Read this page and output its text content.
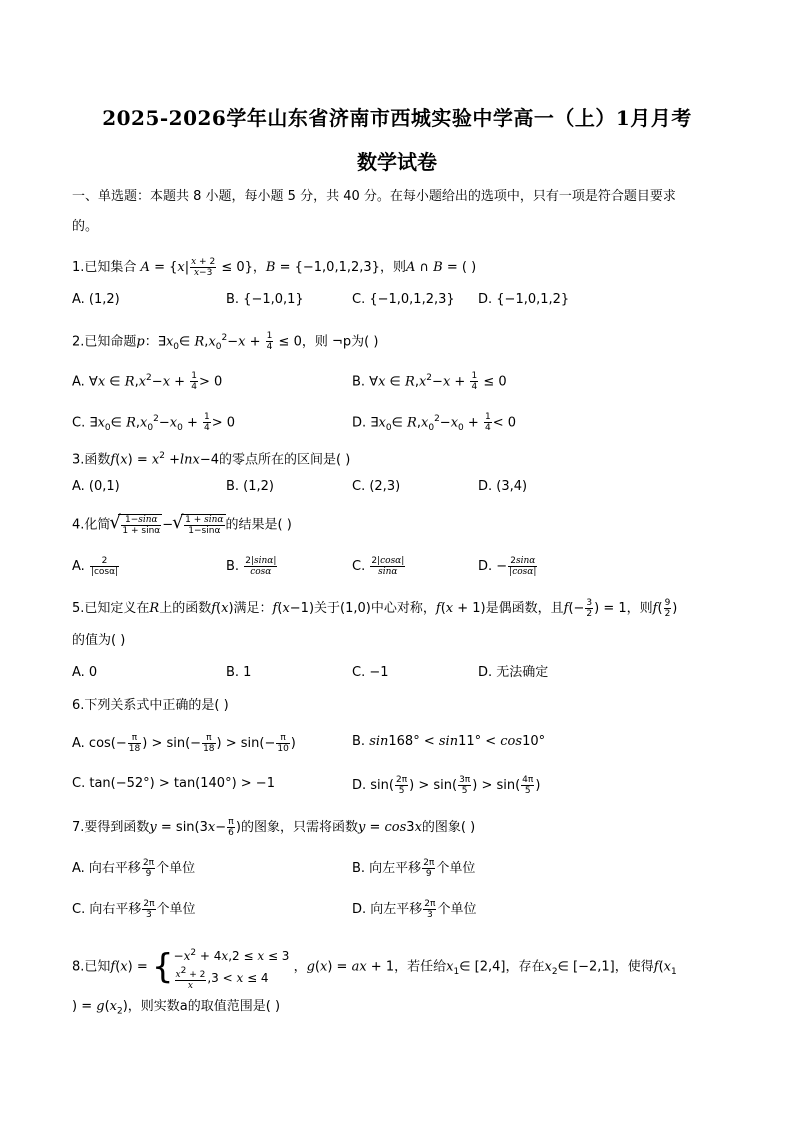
2025-2026学年山东省济南市西城实验中学高一（上）1月月考
数学试卷
一、单选题：本题共 8 小题，每小题 5 分，共 40 分。在每小题给出的选项中，只有一项是符合题目要求
的。
1.已知集合 $A = \{x| \frac{x + 2}{x-3} \le 0\}$，B = {−1,0,1,2,3}，则A ∩ B = ( )
A. (1,2)	B. {−1,0,1}	C. {−1,0,1,2,3} D. {−1,0,1,2}
2.已知命题p：$\exists x_0\in$ $R,x_0^2-x + \frac{1}{4} \le 0$，则 ¬p为( )
A. ∀x ∈ $R,x^2-x + \frac{1}{4} > 0$	B. ∀x ∈ $R,x^2-x + \frac{1}{4} \le 0$
C. $\exists x_0\in$ $R,x_0^2-x_0 + \frac{1}{4} > 0$	D. $\exists x_0\in$ $R,x_0^2-x_0 + \frac{1}{4} < 0$
3.函数$f(x) = x^2 +\ln x-4$的零点所在的区间是( )
A. (0,1)	B. (1,2)	C. (2,3)	D. (3,4)
4.化简 √ $\frac{1-\sin\alpha}{1 + \sin\alpha}$ − √ $\frac{1 + \sin\alpha}{1-\sin\alpha}$ 的结果是( )
A. $\frac{2}{|\cos\alpha|}$	B. $\frac{2|\sin\alpha|}{\cos\alpha}$	C. $\frac{2|\cos\alpha|}{\sin\alpha}$	D. − $\frac{2\sin\alpha}{|\cos\alpha|}$
5.已知定义在R上的函数f(x)满足：f(x−1)关于(1,0)中心对称，f(x + 1)是偶函数，且$f(- \frac{3}{2}$ ) = 1，则$f( \frac{9}{2}$ )
的值为( )
A. 0	B. 1	C. −1	D. 无法确定
6.下列关系式中正确的是( )
A. $\cos(- \frac{\pi}{18}$ ) > $\sin(- \frac{\pi}{18}$ ) > $\sin(- \frac{\pi}{10}$ )	B. sin168° < sin11° < cos10°
C. tan(−52°) > tan(140°) > −1	D. $\sin( \frac{2\pi}{5}$ ) > $\sin( \frac{3\pi}{5}$ ) > $\sin( \frac{4\pi}{5}$ )
7.要得到函数$y = \sin(3x- \frac{\pi}{6}$ )的图象，只需将函数y = cos3x的图象( )
A. 向右平移 $\frac{2\pi}{9}$ 个单位	B. 向左平移 $\frac{2\pi}{9}$ 个单位
C. 向右平移 $\frac{2\pi}{3}$ 个单位	D. 向左平移 $\frac{2\pi}{3}$ 个单位
8.已知f(x) = { $-x^2 + 4x,2 \le x \le 3$
$\frac{x^2 + 2}{x} ,3 < x \le 4$
，g(x) = ax + 1，若任给$x_1\in$ [2,4]，存在$x_2\in$ [−2,1]，使得$f(x_1$
) = $g(x_2)$，则实数a的取值范围是( )
